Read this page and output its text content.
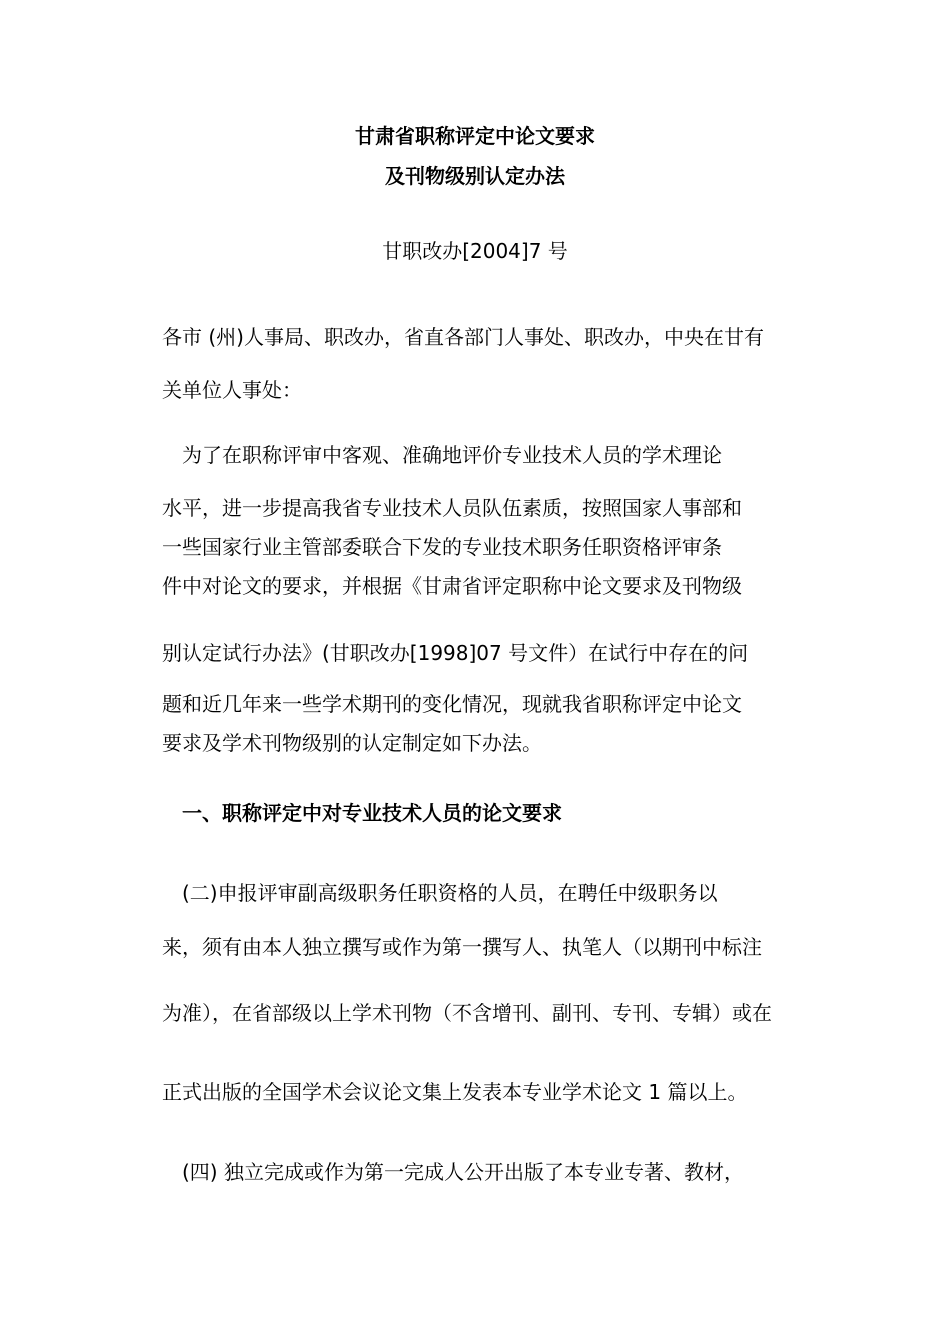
甘肃省职称评定中论文要求
及刊物级别认定办法

甘职改办[2004]7 号

各市 (州)人事局、职改办，省直各部门人事处、职改办，中央在甘有

关单位人事处：

　为了在职称评审中客观、准确地评价专业技术人员的学术理论

水平，进一步提高我省专业技术人员队伍素质，按照国家人事部和

一些国家行业主管部委联合下发的专业技术职务任职资格评审条

件中对论文的要求，并根据《甘肃省评定职称中论文要求及刊物级

别认定试行办法》(甘职改办[1998]07 号文件）在试行中存在的问

题和近几年来一些学术期刊的变化情况，现就我省职称评定中论文

要求及学术刊物级别的认定制定如下办法。

　一、职称评定中对专业技术人员的论文要求

　(二)申报评审副高级职务任职资格的人员，在聘任中级职务以

来，须有由本人独立撰写或作为第一撰写人、执笔人（以期刊中标注

为准），在省部级以上学术刊物（不含增刊、副刊、专刊、专辑）或在

正式出版的全国学术会议论文集上发表本专业学术论文 1 篇以上。

　(四) 独立完成或作为第一完成人公开出版了本专业专著、教材，
